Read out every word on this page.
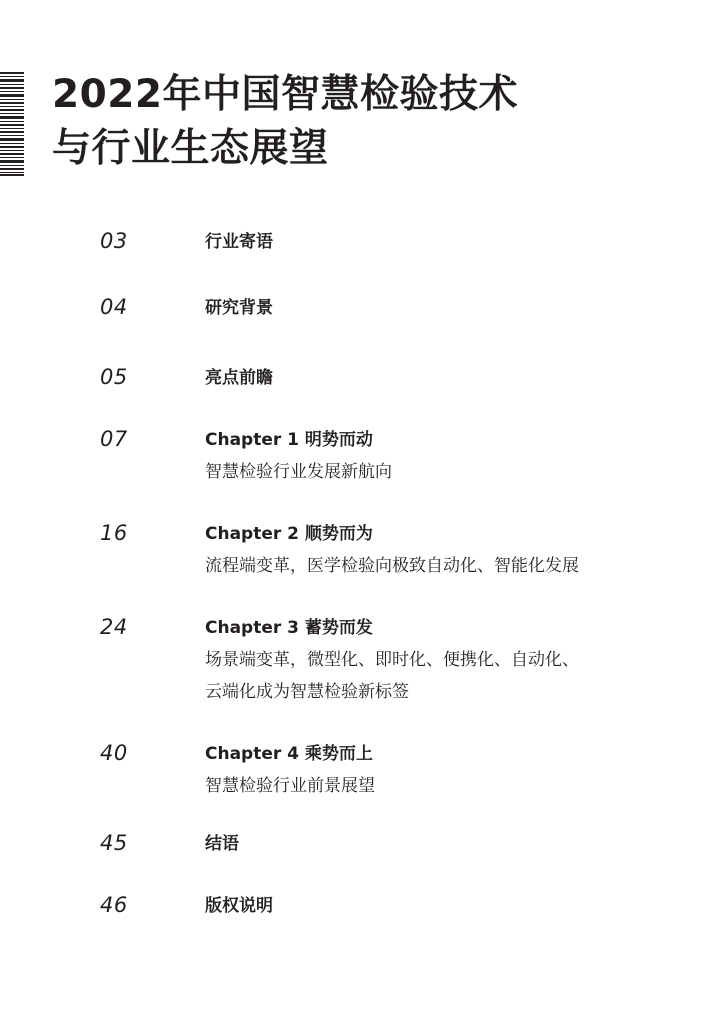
2022年中国智慧检验技术
与行业生态展望
03	行业寄语
04	研究背景
05	亮点前瞻
07	Chapter 1 明势而动
智慧检验行业发展新航向
16	Chapter 2 顺势而为
流程端变革，医学检验向极致自动化、智能化发展
24	Chapter 3 蓄势而发
场景端变革，微型化、即时化、便携化、自动化、
云端化成为智慧检验新标签
40	Chapter 4 乘势而上
智慧检验行业前景展望
45	结语
46	版权说明
